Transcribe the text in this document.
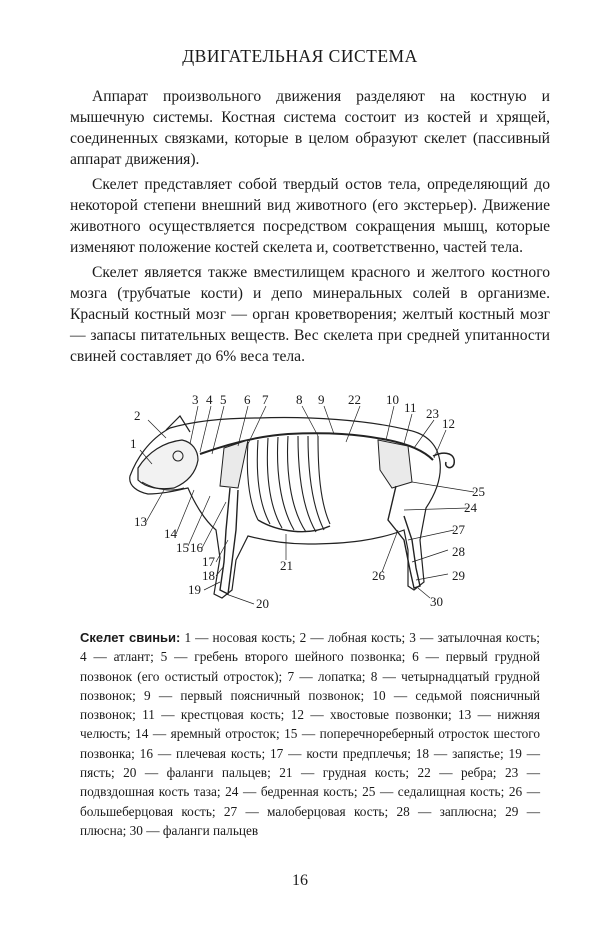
ДВИГАТЕЛЬНАЯ СИСТЕМА

Аппарат произвольного движения разделяют на костную и мышечную системы. Костная система состоит из костей и хрящей, соединенных связками, которые в целом образуют скелет (пассивный аппарат движения).

Скелет представляет собой твердый остов тела, определяющий до некоторой степени внешний вид животного (его экстерьер). Движение животного осуществляется посредством сокращения мышц, которые изменяют положение костей скелета и, соответственно, частей тела.

Скелет является также вместилищем красного и желтого костного мозга (трубчатые кости) и депо минеральных солей в организме. Красный костный мозг — орган кроветворения; желтый костный мозг — запасы питательных веществ. Вес скелета при средней упитанности свиней составляет до 6% веса тела.

1
2
3 4 5 6 7 8 9 22 10
11 23
12
25
24
27
13
14
15 16
17
18
19
20
21
26
28
29
30
Скелет свиньи: 1 — носовая кость; 2 — лобная кость; 3 — затылочная кость; 4 — атлант; 5 — гребень второго шейного позвонка; 6 — первый грудной позвонок (его остистый отросток); 7 — лопатка; 8 — четырнадцатый грудной позвонок; 9 — первый поясничный позвонок; 10 — седьмой поясничный позвонок; 11 — крестцовая кость; 12 — хвостовые позвонки; 13 — нижняя челюсть; 14 — яремный отросток; 15 — поперечнореберный отросток шестого позвонка; 16 — плечевая кость; 17 — кости предплечья; 18 — запястье; 19 — пясть; 20 — фаланги пальцев; 21 — грудная кость; 22 — ребра; 23 — подвздошная кость таза; 24 — бедренная кость; 25 — седалищная кость; 26 — большеберцовая кость; 27 — малоберцовая кость; 28 — заплюсна; 29 — плюсна; 30 — фаланги пальцев
16
